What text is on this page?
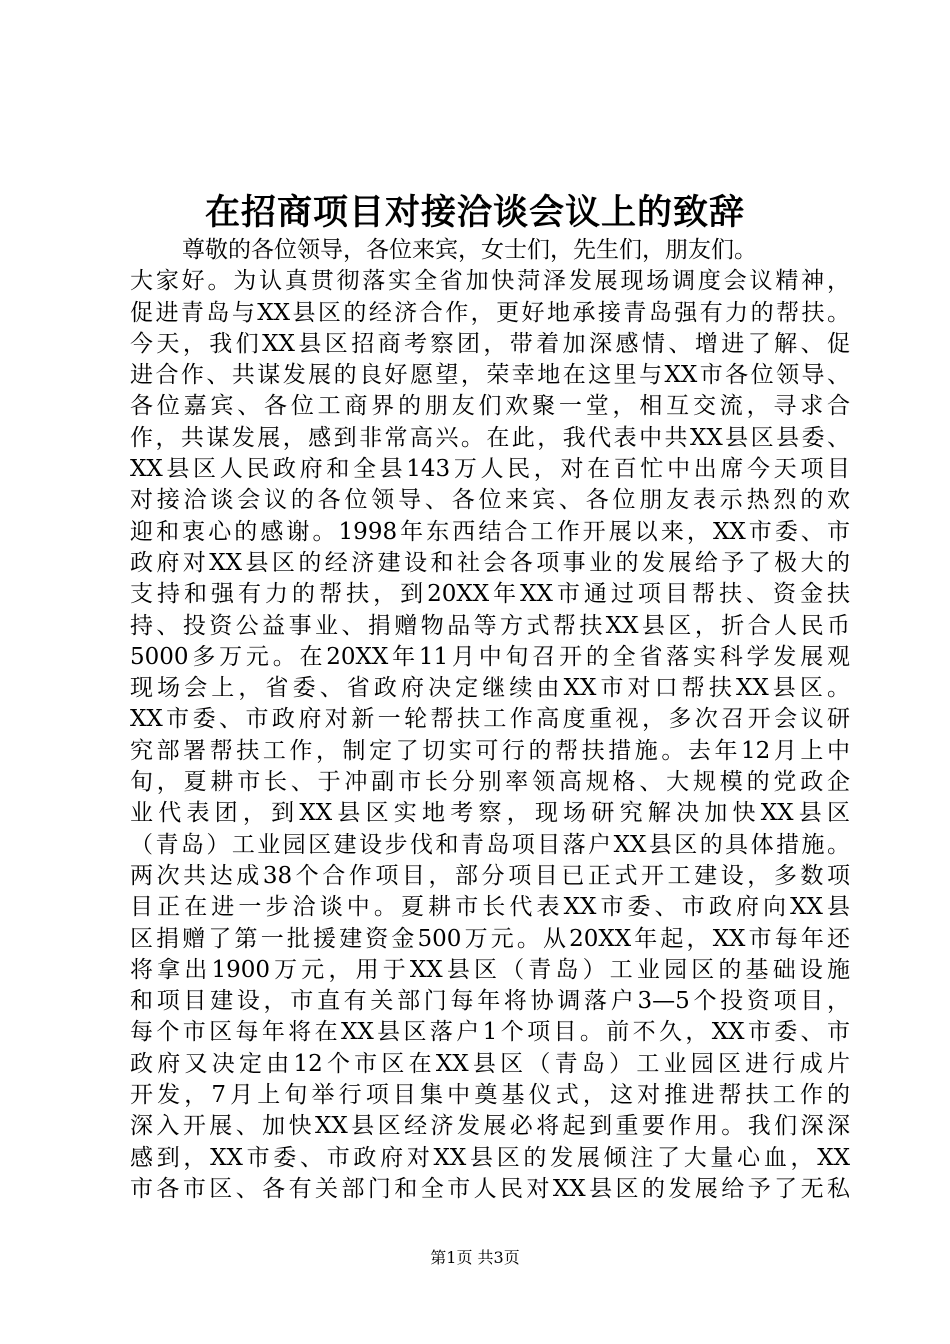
在招商项目对接洽谈会议上的致辞
尊敬的各位领导，各位来宾，女士们，先生们，朋友们。
大家好。为认真贯彻落实全省加快菏泽发展现场调度会议精神，
促进青岛与XX县区的经济合作，更好地承接青岛强有力的帮扶。
今天，我们XX县区招商考察团，带着加深感情、增进了解、促
进合作、共谋发展的良好愿望，荣幸地在这里与XX市各位领导、
各位嘉宾、各位工商界的朋友们欢聚一堂，相互交流，寻求合
作，共谋发展，感到非常高兴。在此，我代表中共XX县区县委、
XX县区人民政府和全县143万人民，对在百忙中出席今天项目
对接洽谈会议的各位领导、各位来宾、各位朋友表示热烈的欢
迎和衷心的感谢。1998年东西结合工作开展以来，XX市委、市
政府对XX县区的经济建设和社会各项事业的发展给予了极大的
支持和强有力的帮扶，到20XX年XX市通过项目帮扶、资金扶
持、投资公益事业、捐赠物品等方式帮扶XX县区，折合人民币
5000多万元。在20XX年11月中旬召开的全省落实科学发展观
现场会上，省委、省政府决定继续由XX市对口帮扶XX县区。
XX市委、市政府对新一轮帮扶工作高度重视，多次召开会议研
究部署帮扶工作，制定了切实可行的帮扶措施。去年12月上中
旬，夏耕市长、于冲副市长分别率领高规格、大规模的党政企
业代表团，到XX县区实地考察，现场研究解决加快XX县区
（青岛）工业园区建设步伐和青岛项目落户XX县区的具体措施。
两次共达成38个合作项目，部分项目已正式开工建设，多数项
目正在进一步洽谈中。夏耕市长代表XX市委、市政府向XX县
区捐赠了第一批援建资金500万元。从20XX年起，XX市每年还
将拿出1900万元，用于XX县区（青岛）工业园区的基础设施
和项目建设，市直有关部门每年将协调落户3—5个投资项目，
每个市区每年将在XX县区落户1个项目。前不久，XX市委、市
政府又决定由12个市区在XX县区（青岛）工业园区进行成片
开发，7月上旬举行项目集中奠基仪式，这对推进帮扶工作的
深入开展、加快XX县区经济发展必将起到重要作用。我们深深
感到，XX市委、市政府对XX县区的发展倾注了大量心血，XX
市各市区、各有关部门和全市人民对XX县区的发展给予了无私
第1页 共3页
